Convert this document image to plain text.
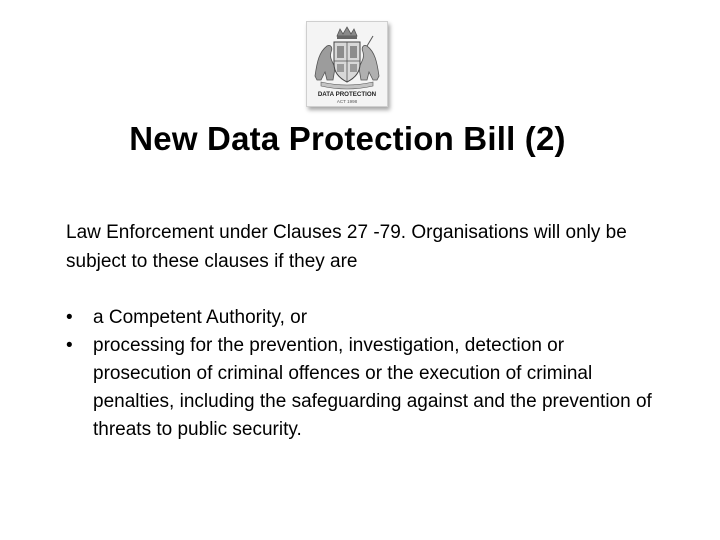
DATA PROTECTION
ACT 1998
New Data Protection Bill (2)

Law Enforcement under Clauses 27 -79. Organisations will only be subject to these clauses if they are

•	a Competent Authority, or
•	processing for the prevention, investigation, detection or prosecution of criminal offences or the execution of criminal penalties, including the safeguarding against and the prevention of threats to public security.
